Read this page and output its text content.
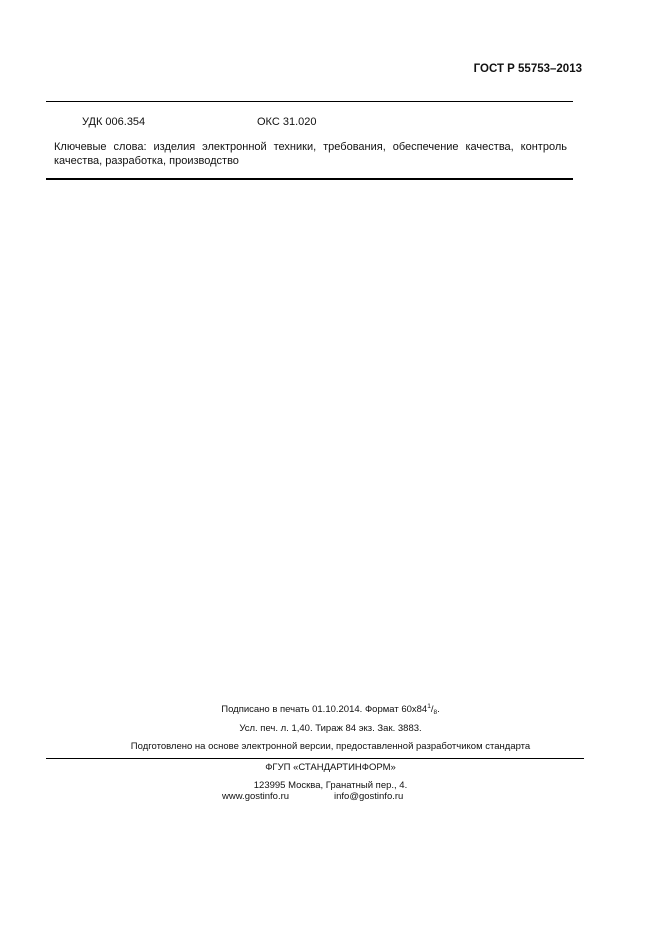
ГОСТ Р 55753–2013
УДК 006.354	ОКС 31.020
Ключевые слова: изделия электронной техники, требования, обеспечение качества, контроль качества, разработка, производство
Подписано в печать 01.10.2014. Формат $60x84^1/_8$.
Усл. печ. л. 1,40. Тираж 84 экз. Зак. 3883.
Подготовлено на основе электронной версии, предоставленной разработчиком стандарта
ФГУП «СТАНДАРТИНФОРМ»
123995 Москва, Гранатный пер., 4.
www.gostinfo.ru	info@gostinfo.ru
